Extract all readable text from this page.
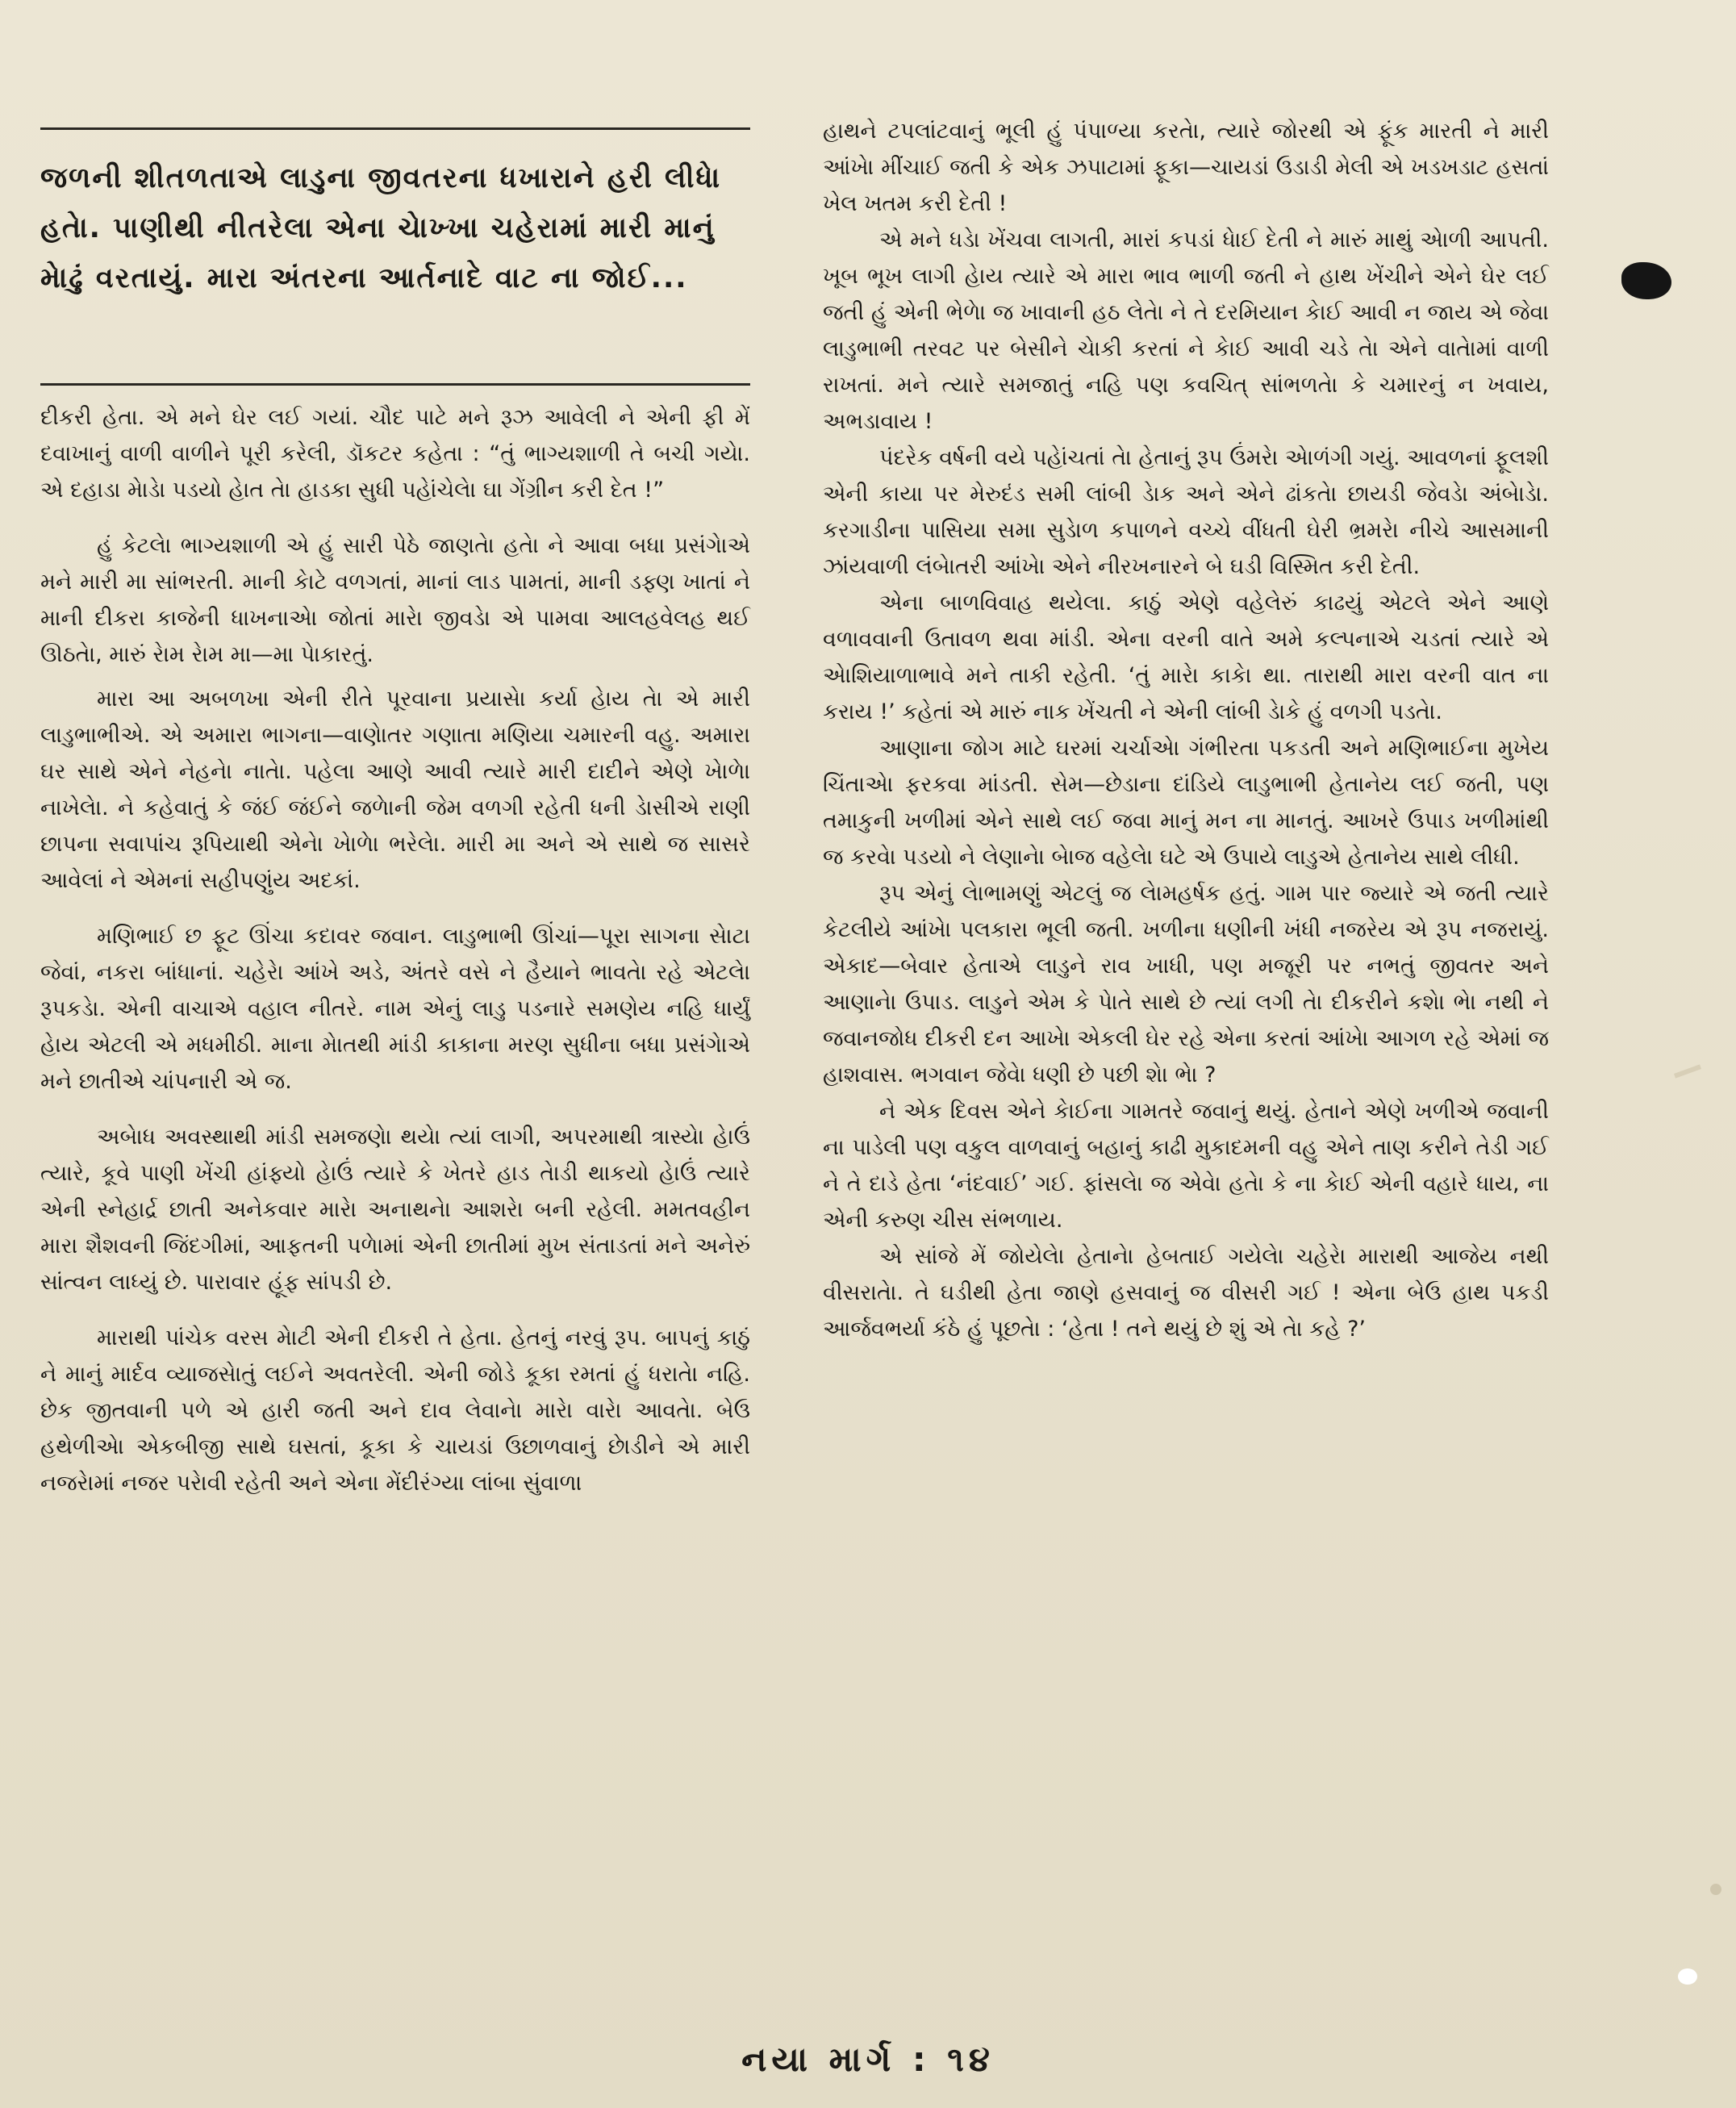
જળની શીતળતાએ લાડુના જીવતરના ધખારાને હરી લીધેા હતેા. પાણીથી નીતરેલા એના ચેાખ્ખા ચહેરામાં મારી માનું મેાઢું વરતાયું. મારા અંતરના આર્તનાદે વાટ ના જોઈ...

દીકરી હેતા. એ મને ઘેર લઈ ગયાં. ચૌદ પાટે મને રૂઝ આવેલી ને એની ફી મેં દવાખાનું વાળી વાળીને પૂરી કરેલી, ડૉકટર કહેતા : “તું ભાગ્યશાળી તે બચી ગયેા. એ દહાડા મેાડેા પડયો હેાત તેા હાડકા સુધી પહેાંચેલેા ઘા ગેંગ્રીન કરી દેત !”

હું કેટલેા ભાગ્યશાળી એ હું સારી પેઠે જાણતેા હતેા ને આવા બધા પ્રસંગેાએ મને મારી મા સાંભરતી. માની કેાટે વળગતાં, માનાં લાડ પામતાં, માની ડફ્ણ ખાતાં ને માની દીકરા કાજેની ધાખનાએા જોતાં મારેા જીવડેા એ પામવા આલહવેલહ થઈ ઊઠતેા, મારું રેામ રેામ મા—મા પેાકારતું.

મારા આ અબળખા એની રીતે પૂરવાના પ્રયાસેા કર્યા હેાય તેા એ મારી લાડુભાભીએ. એ અમારા ભાગના—વાણેાતર ગણાતા મણિયા ચમારની વહુ. અમારા ઘર સાથે એને નેહનેા નાતેા. પહેલા આણે આવી ત્યારે મારી દાદીને એણે ખેાળેા નાખેલેા. ને કહેવાતું કે જંઈ જંઈને જળેાની જેમ વળગી રહેતી ધની ડેાસીએ રાણી છાપના સવાપાંચ રૂપિયાથી એનેા ખેાળેા ભરેલેા. મારી મા અને એ સાથે જ સાસરે આવેલાં ને એમનાં સહીપણુંય અદકાં.

મણિભાઈ છ ફૂટ ઊંચા કદાવર જવાન. લાડુભાભી ઊંચાં—પૂરા સાગના સેાટા જેવાં, નકરા બાંધાનાં. ચહેરેા આંખે અડે, અંતરે વસે ને હૈયાને ભાવતેા રહે એટલેા રૂપકડેા. એની વાચાએ વહાલ નીતરે. નામ એનું લાડુ પડનારે સમણેય નહિ ધાર્યું હેાય એટલી એ મધમીઠી. માના મેાતથી માંડી કાકાના મરણ સુધીના બધા પ્રસંગેાએ મને છાતીએ ચાંપનારી એ જ.

અબેાધ અવસ્થાથી માંડી સમજણેા થયેા ત્યાં લાગી, અપરમાથી ત્રાસ્યેા હેાઉં ત્યારે, કૂવે પાણી ખેંચી હાંફ્યો હેાઉં ત્યારે કે ખેતરે હાડ તેાડી થાકયો હેાઉં ત્યારે એની સ્નેહાર્દ્ર છાતી અનેકવાર મારેા અનાથનેા આશરેા બની રહેલી. મમતવહીન મારા શૈશવની જિંદગીમાં, આફતની પળેામાં એની છાતીમાં મુખ સંતાડતાં મને અનેરું સાંત્વન લાધ્યું છે. પારાવાર હૂંફ સાંપડી છે.

મારાથી પાંચેક વરસ મેાટી એની દીકરી તે હેતા. હેતનું નરવું રૂપ. બાપનું કાઠું ને માનું માર્દવ વ્યાજસેાતું લઈને અવતરેલી. એની જોડે કૂકા રમતાં હું ધરાતેા નહિ. છેક જીતવાની પળે એ હારી જતી અને દાવ લેવાનેા મારેા વારેા આવતેા. બેઉ હથેળીએા એકબીજી સાથે ઘસતાં, કૂકા કે ચાયડાં ઉછાળવાનું છેાડીને એ મારી નજરેામાં નજર પરેાવી રહેતી અને એના મેંદીરંગ્યા લાંબા સુંવાળા

હાથને ટપલાંટવાનું ભૂલી હું પંપાળ્યા કરતેા, ત્યારે જોરથી એ ફૂંક મારતી ને મારી આંખેા મીંચાઈ જતી કે એક ઝપાટામાં ફૂકા—ચાયડાં ઉડાડી મેલી એ ખડખડાટ હસતાં ખેલ ખતમ કરી દેતી !

એ મને ધડેા ખેંચવા લાગતી, મારાં કપડાં ધેાઈ દેતી ને મારું માથું એાળી આપતી. ખૂબ ભૂખ લાગી હેાય ત્યારે એ મારા ભાવ ભાળી જતી ને હાથ ખેંચીને એને ઘેર લઈ જતી હું એની ભેળેા જ ખાવાની હઠ લેતેા ને તે દરમિયાન કેાઈ આવી ન જાય એ જેવા લાડુભાભી તરવટ પર બેસીને ચેાકી કરતાં ને કેાઈ આવી ચડે તેા એને વાતેામાં વાળી રાખતાં. મને ત્યારે સમજાતું નહિ પણ કવચિત્ સાંભળતેા કે ચમારનું ન ખવાય, અભડાવાય !

પંદરેક વર્ષની વયે પહેાંચતાં તેા હેતાનું રૂપ ઉંમરેા એાળંગી ગયું. આવળનાં ફૂલશી એની કાયા પર મેરુદંડ સમી લાંબી ડેાક અને એને ઢાંકતેા છાયડી જેવડેા અંબેાડેા. કરગાડીના પાસિયા સમા સુડેાળ કપાળને વચ્ચે વીંધતી ઘેરી ભ્રમરેા નીચે આસમાની ઝાંયવાળી લંબેાતરી આંખેા એને નીરખનારને બે ઘડી વિસ્મિત કરી દેતી.

એના બાળવિવાહ થયેલા. કાઠું એણે વહેલેરું કાઢયું એટલે એને આણે વળાવવાની ઉતાવળ થવા માંડી. એના વરની વાતે અમે કલ્પનાએ ચડતાં ત્યારે એ એાશિયાળાભાવે મને તાકી રહેતી. ‘તું મારેા કાકેા થા. તારાથી મારા વરની વાત ના કરાય !’ કહેતાં એ મારું નાક ખેંચતી ને એની લાંબી ડેાકે હું વળગી પડતેા.

આણાના જોગ માટે ઘરમાં ચર્ચાએા ગંભીરતા પકડતી અને મણિભાઈના મુખેય ચિંતાએા ફરકવા માંડતી. સેમ—છેડાના દાંડિયે લાડુભાભી હેતાનેય લઈ જતી, પણ તમાકુની ખળીમાં એને સાથે લઈ જવા માનું મન ના માનતું. આખરે ઉપાડ ખળીમાંથી જ કરવેા પડયો ને લેણાનેા બેાજ વહેલેા ઘટે એ ઉપાયે લાડુએ હેતાનેય સાથે લીધી.

રૂપ એનું લેાભામણું એટલું જ લેામહર્ષક હતું. ગામ પાર જ્યારે એ જતી ત્યારે કેટલીયે આંખેા પલકારા ભૂલી જતી. ખળીના ધણીની ખંધી નજરેય એ રૂપ નજરાયું. એકાદ—બેવાર હેતાએ લાડુને રાવ ખાધી, પણ મજૂરી પર નભતું જીવતર અને આણાનેા ઉપાડ. લાડુને એમ કે પેાતે સાથે છે ત્યાં લગી તેા દીકરીને કશેા ભેા નથી ને જવાનજોધ દીકરી દન આખેા એકલી ઘેર રહે એના કરતાં આંખેા આગળ રહે એમાં જ હાશવાસ. ભગવાન જેવેા ધણી છે પછી શેા ભેા ?

ને એક દિવસ એને કેાઈના ગામતરે જવાનું થયું. હેતાને એણે ખળીએ જવાની ના પાડેલી પણ વકુલ વાળવાનું બહાનું કાઢી મુકાદમની વહુ એને તાણ કરીને તેડી ગઈ ને તે દાડે હેતા ‘નંદવાઈ’ ગઈ. ફાંસલેા જ એવેા હતેા કે ના કેાઈ એની વહારે ધાય, ના એની કરુણ ચીસ સંભળાય.

એ સાંજે મેં જોયેલેા હેતાનેા હેબતાઈ ગયેલેા ચહેરેા મારાથી આજેય નથી વીસરાતેા. તે ઘડીથી હેતા જાણે હસવાનું જ વીસરી ગઈ ! એના બેઉ હાથ પકડી આર્જવભર્યા કંઠે હું પૂછતેા : ‘હેતા ! તને થયું છે શું એ તેા કહે ?’

નયા માર્ગ : ૧૪
